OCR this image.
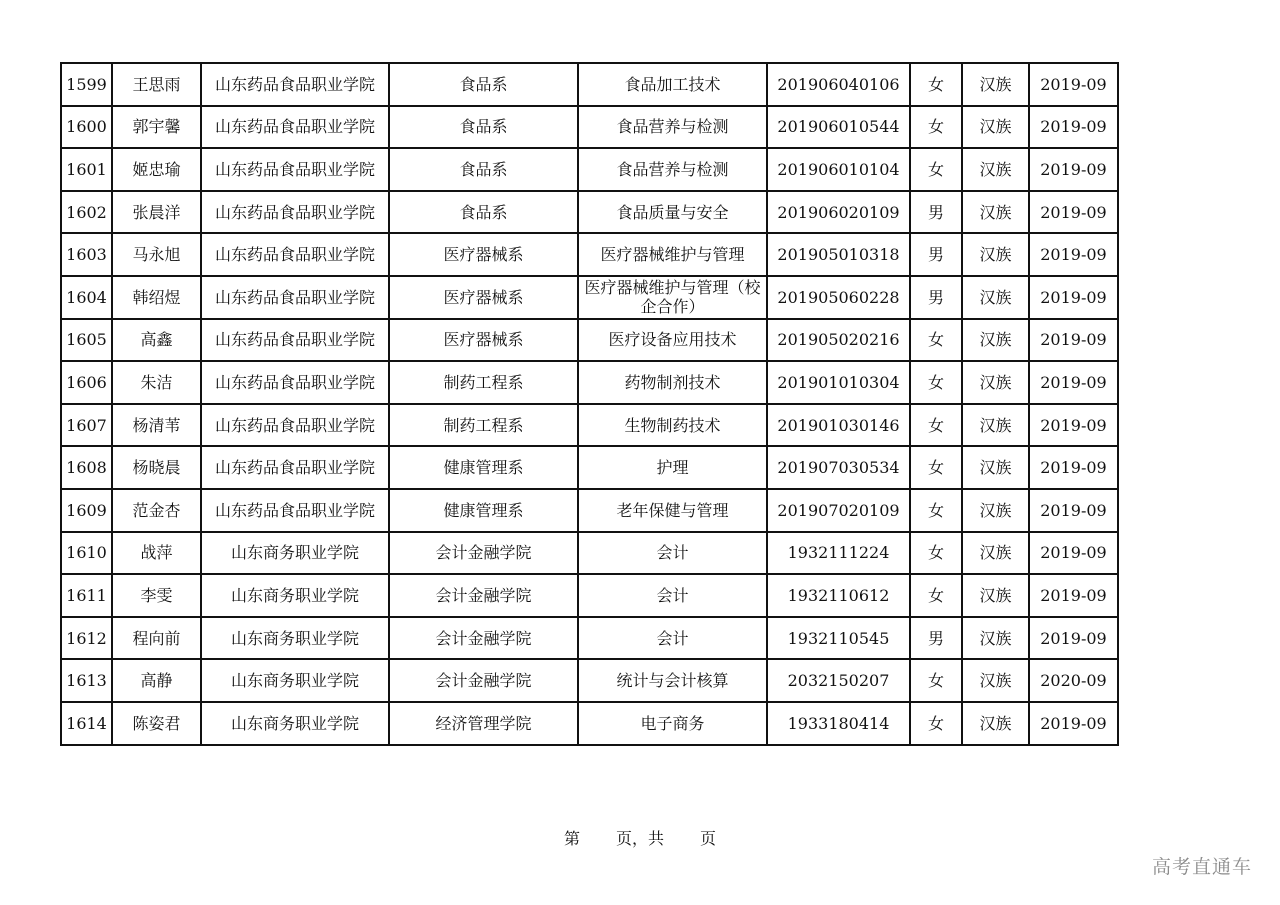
1599	王思雨	山东药品食品职业学院	食品系	食品加工技术	201906040106	女	汉族	2019-09
1600	郭宇馨	山东药品食品职业学院	食品系	食品营养与检测	201906010544	女	汉族	2019-09
1601	姬忠瑜	山东药品食品职业学院	食品系	食品营养与检测	201906010104	女	汉族	2019-09
1602	张晨洋	山东药品食品职业学院	食品系	食品质量与安全	201906020109	男	汉族	2019-09
1603	马永旭	山东药品食品职业学院	医疗器械系	医疗器械维护与管理	201905010318	男	汉族	2019-09
1604	韩绍煜	山东药品食品职业学院	医疗器械系	医疗器械维护与管理（校企合作）	201905060228	男	汉族	2019-09
1605	高鑫	山东药品食品职业学院	医疗器械系	医疗设备应用技术	201905020216	女	汉族	2019-09
1606	朱洁	山东药品食品职业学院	制药工程系	药物制剂技术	201901010304	女	汉族	2019-09
1607	杨清苇	山东药品食品职业学院	制药工程系	生物制药技术	201901030146	女	汉族	2019-09
1608	杨晓晨	山东药品食品职业学院	健康管理系	护理	201907030534	女	汉族	2019-09
1609	范金杏	山东药品食品职业学院	健康管理系	老年保健与管理	201907020109	女	汉族	2019-09
1610	战萍	山东商务职业学院	会计金融学院	会计	1932111224	女	汉族	2019-09
1611	李雯	山东商务职业学院	会计金融学院	会计	1932110612	女	汉族	2019-09
1612	程向前	山东商务职业学院	会计金融学院	会计	1932110545	男	汉族	2019-09
1613	高静	山东商务职业学院	会计金融学院	统计与会计核算	2032150207	女	汉族	2020-09
1614	陈姿君	山东商务职业学院	经济管理学院	电子商务	1933180414	女	汉族	2019-09
第 页，共 页
高考直通车
